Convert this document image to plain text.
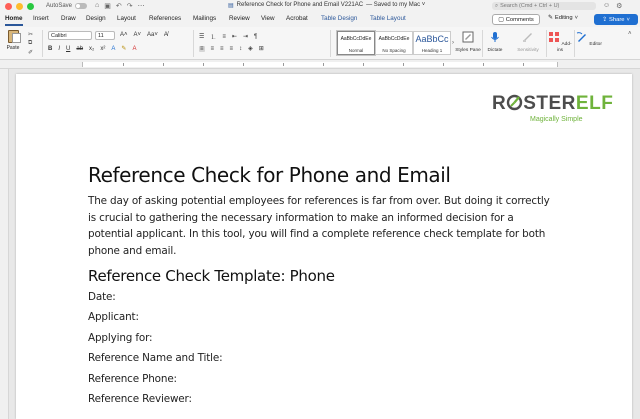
AutoSave	⌂ ▣ ↶ ↷ ⋯	▤ Reference Check for Phone and Email V221AC — Saved to my Mac ˅	⌕ Search (Cmd + Ctrl + U)	☺ ⚙
Home Insert Draw Design Layout References Mailings Review View Acrobat Table Design Table Layout	▢ Comments ✎ Editing ˅	⇪ Share ˅
Paste
✂
⧉
✐
Calibri	11	A˄ A˅ Aa˅ A̸
B I U ab x₂ x² A ✎ A
☰ ⒈ ≡ ⇤ ⇥ ¶
≡ ≡ ≡ ≡ ↕ ◈ ⊞
AaBbCcDdEe
Normal
AaBbCcDdEe
No Spacing
AaBbCc
Heading 1
›
Styles Pane	Dictate	Sensitivity
Add-ins
Editor
˄
R STERELF
Magically Simple
Reference Check for Phone and Email
The day of asking potential employees for references is far from over. But doing it correctly is crucial to gathering the necessary information to make an informed decision for a potential applicant. In this tool, you will find a complete reference check template for both phone and email.
Reference Check Template: Phone
Date:
Applicant:
Applying for:
Reference Name and Title:
Reference Phone:
Reference Reviewer:
